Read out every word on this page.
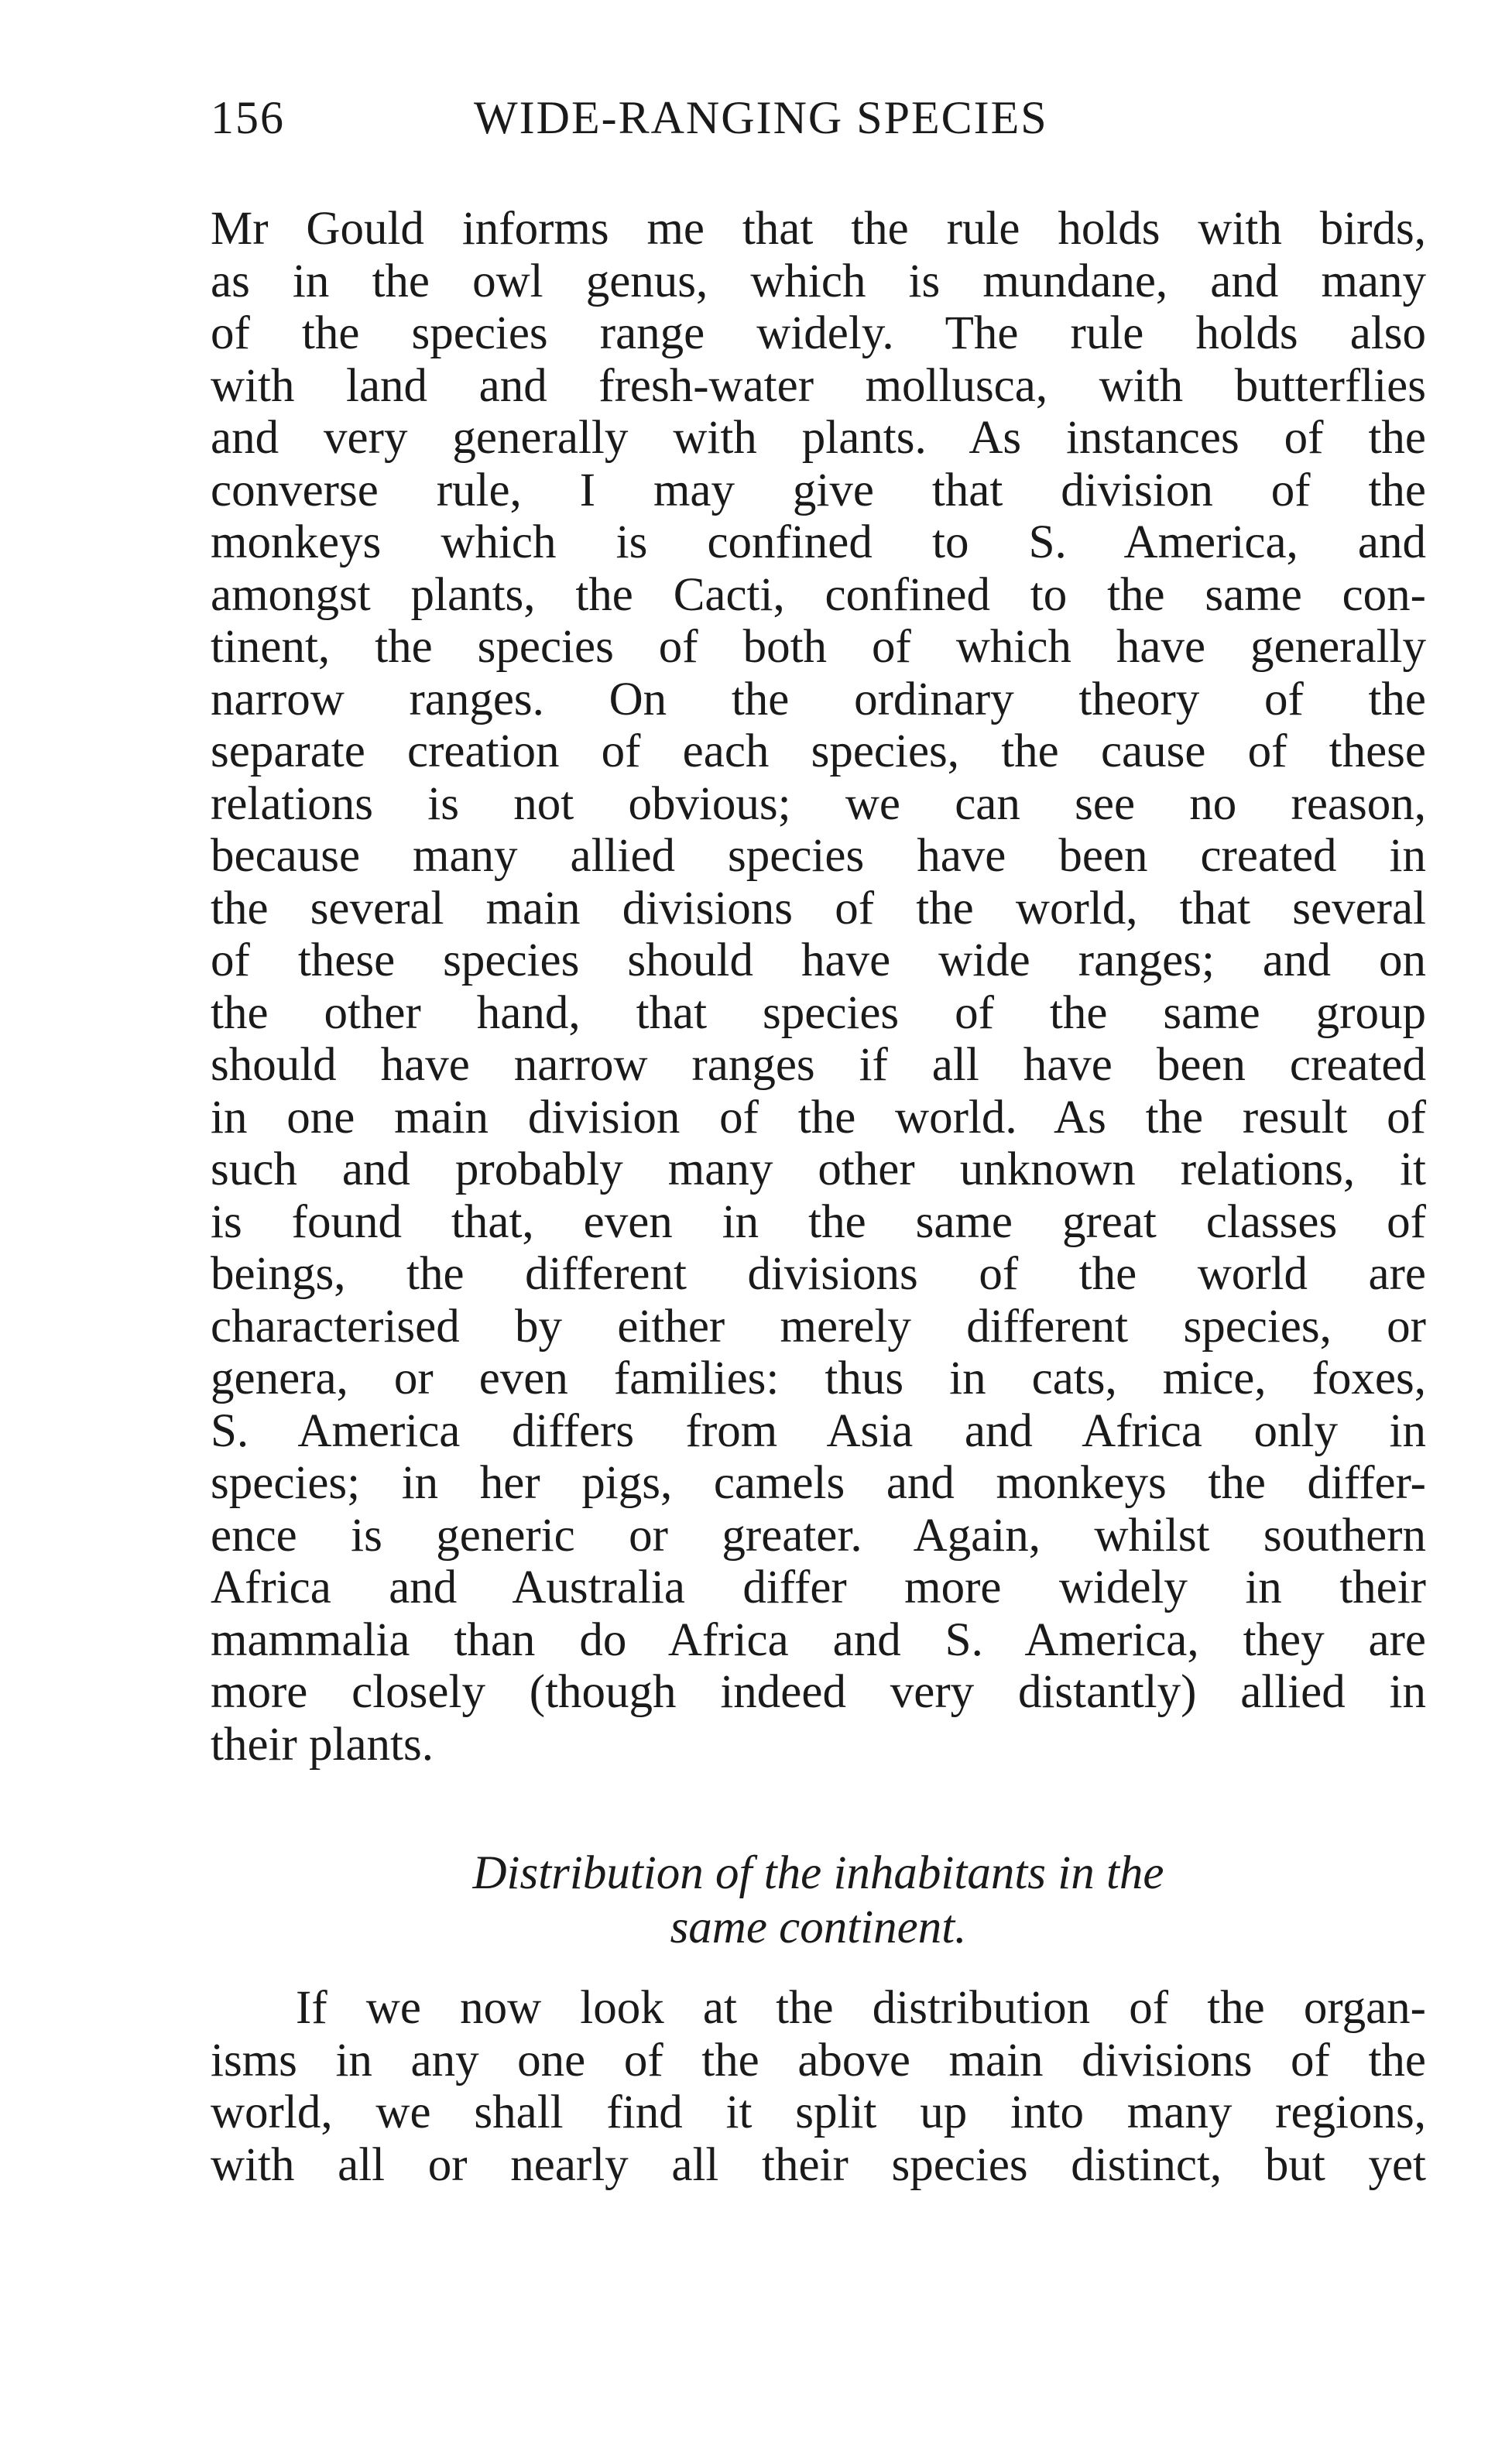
156	WIDE-RANGING SPECIES
Mr Gould informs me that the rule holds with birds,
as in the owl genus, which is mundane, and many
of the species range widely. The rule holds also
with land and fresh-water mollusca, with butterflies
and very generally with plants. As instances of the
converse rule, I may give that division of the
monkeys which is confined to S. America, and
amongst plants, the Cacti, confined to the same con-
tinent, the species of both of which have generally
narrow ranges. On the ordinary theory of the
separate creation of each species, the cause of these
relations is not obvious; we can see no reason,
because many allied species have been created in
the several main divisions of the world, that several
of these species should have wide ranges; and on
the other hand, that species of the same group
should have narrow ranges if all have been created
in one main division of the world. As the result of
such and probably many other unknown relations, it
is found that, even in the same great classes of
beings, the different divisions of the world are
characterised by either merely different species, or
genera, or even families: thus in cats, mice, foxes,
S. America differs from Asia and Africa only in
species; in her pigs, camels and monkeys the differ-
ence is generic or greater. Again, whilst southern
Africa and Australia differ more widely in their
mammalia than do Africa and S. America, they are
more closely (though indeed very distantly) allied in
their plants.
Distribution of the inhabitants in the
same continent.
If we now look at the distribution of the organ-
isms in any one of the above main divisions of the
world, we shall find it split up into many regions,
with all or nearly all their species distinct, but yet
